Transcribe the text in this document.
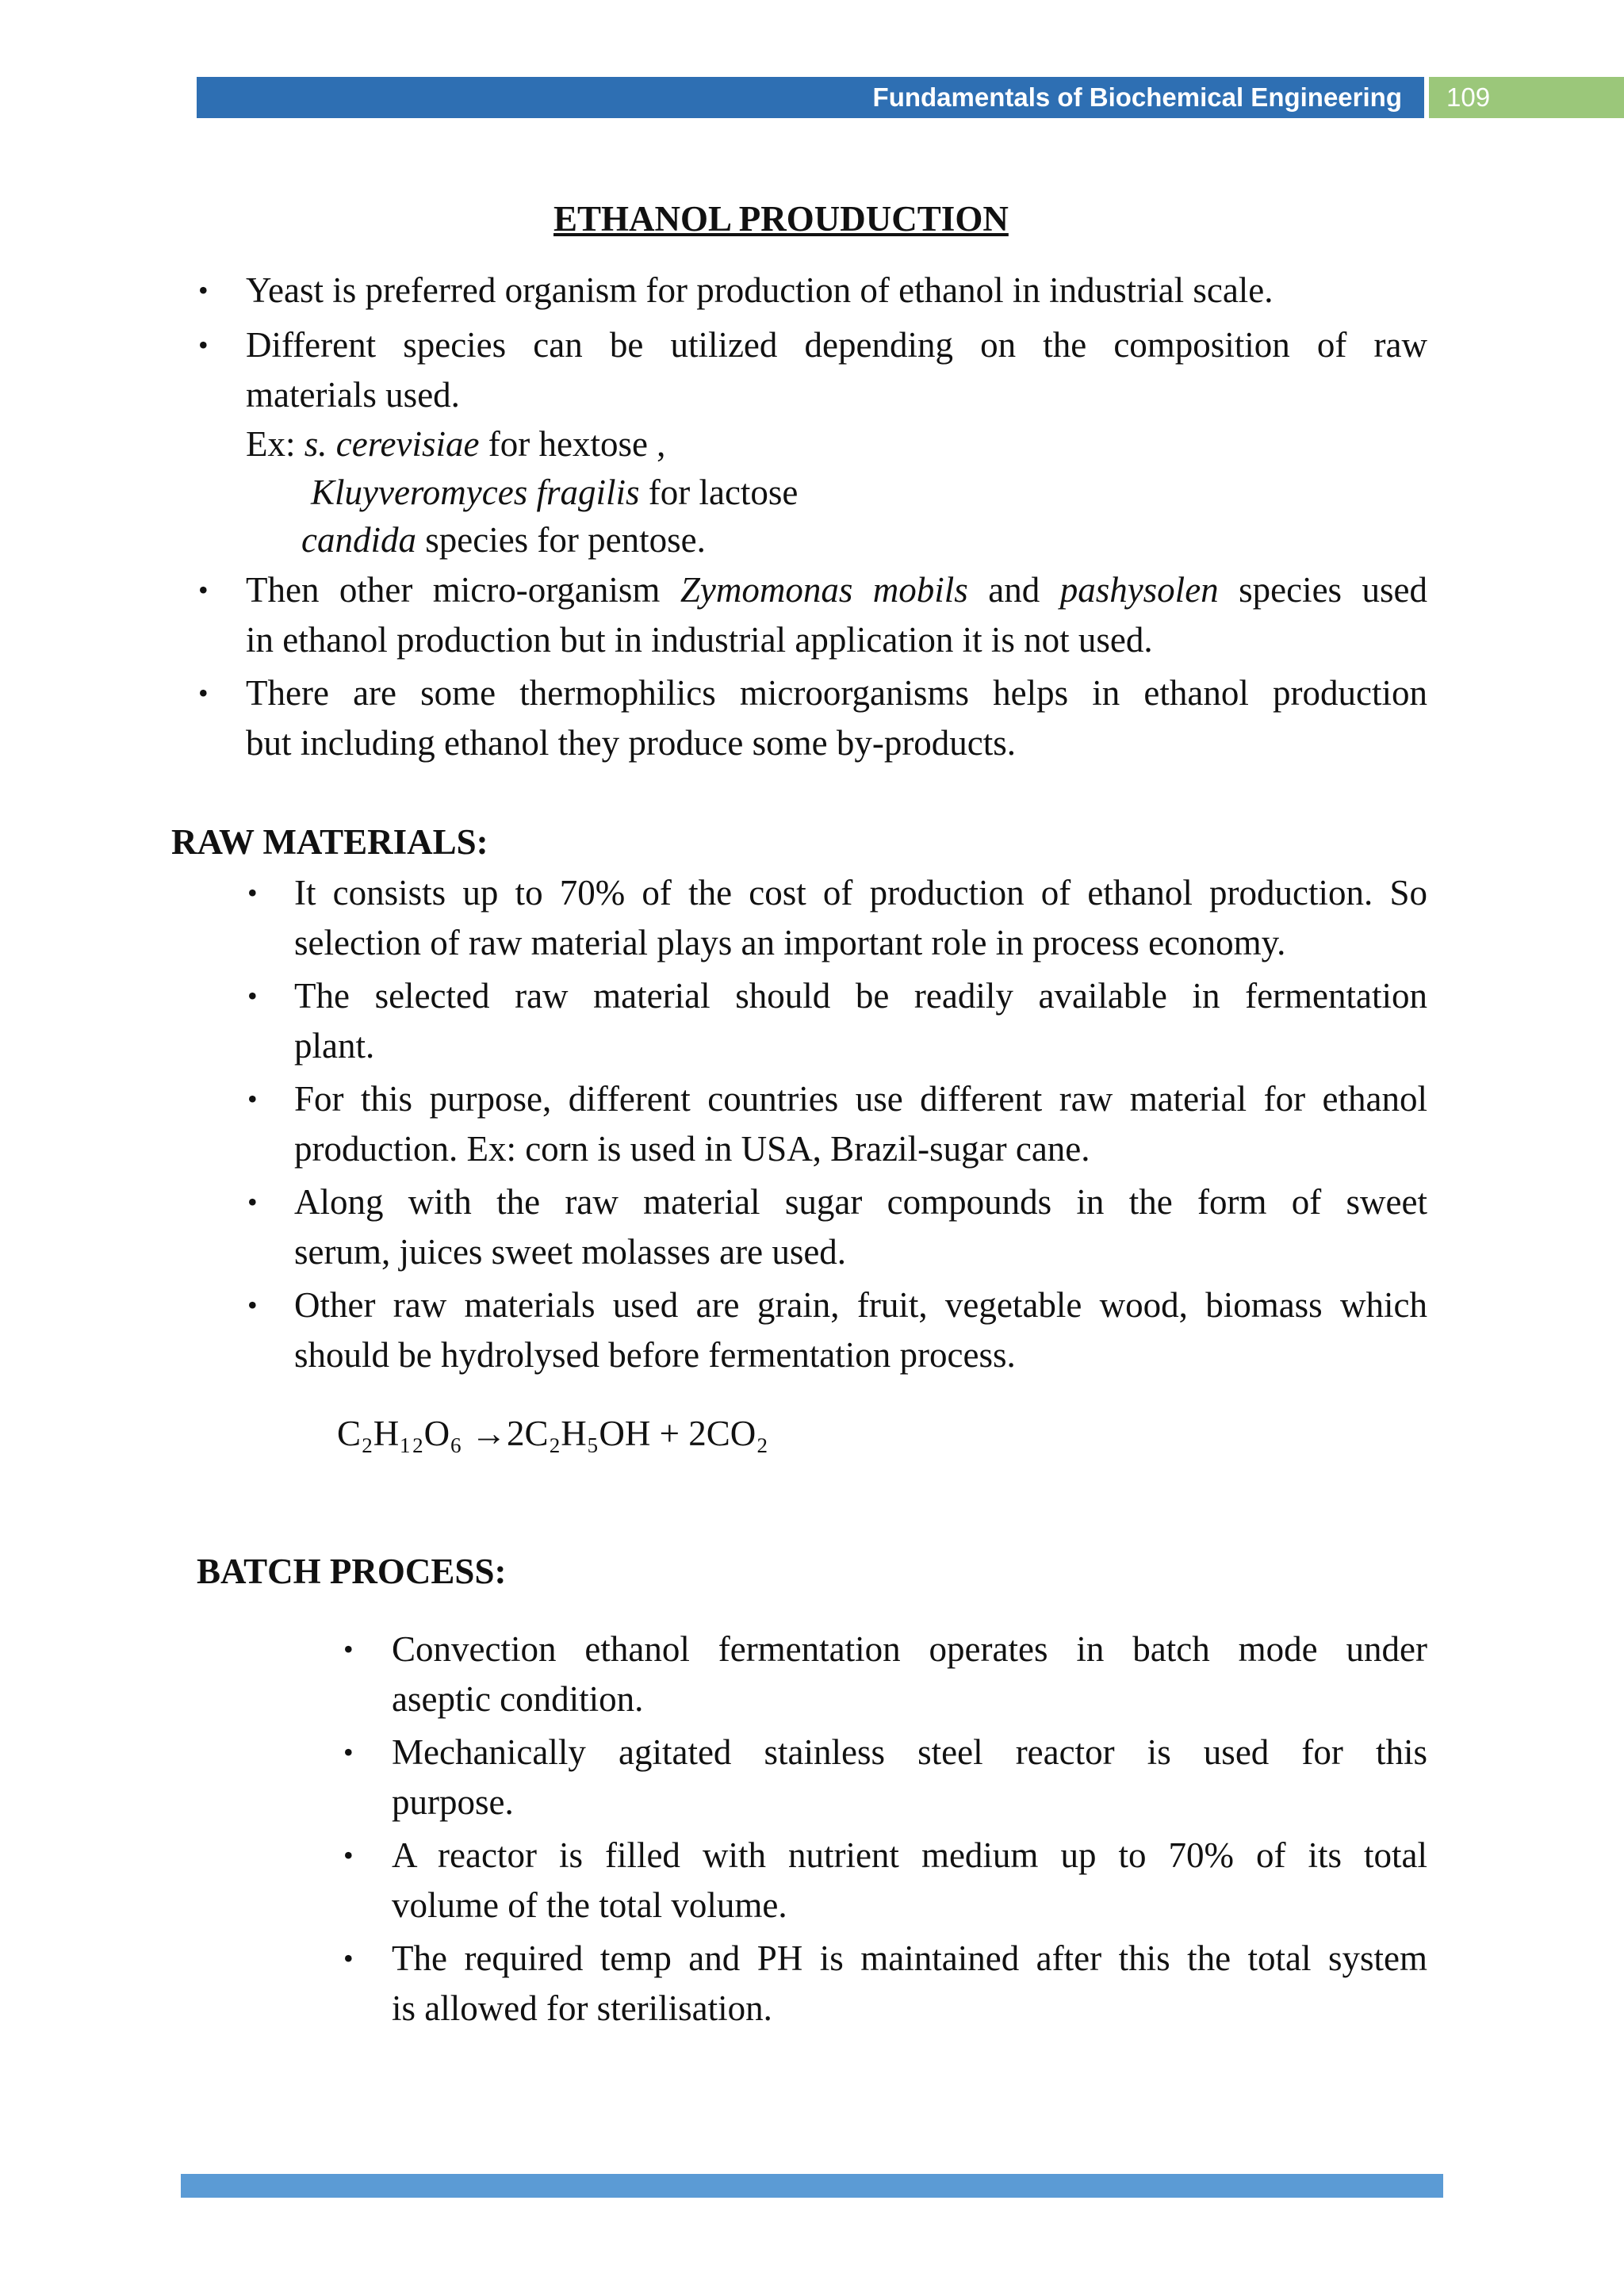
Fundamentals of Biochemical Engineering	109
ETHANOL PROUDUCTION
• Yeast is preferred organism for production of ethanol in industrial scale.
• Different species can be utilized depending on the composition of raw
materials used.
Ex: s. cerevisiae for hextose ,
Kluyveromyces fragilis for lactose
candida species for pentose.
• Then other micro-organism Zymomonas mobils and pashysolen species used
in ethanol production but in industrial application it is not used.
• There are some thermophilics microorganisms helps in ethanol production
but including ethanol they produce some by-products.
RAW MATERIALS:
• It consists up to 70% of the cost of production of ethanol production. So
selection of raw material plays an important role in process economy.
• The selected raw material should be readily available in fermentation
plant.
• For this purpose, different countries use different raw material for ethanol
production. Ex: corn is used in USA, Brazil-sugar cane.
• Along with the raw material sugar compounds in the form of sweet
serum, juices sweet molasses are used.
• Other raw materials used are grain, fruit, vegetable wood, biomass which
should be hydrolysed before fermentation process.
C₂H₁₂O₆ →2C₂H₅OH + 2CO₂
BATCH PROCESS:
• Convection ethanol fermentation operates in batch mode under
aseptic condition.
• Mechanically agitated stainless steel reactor is used for this
purpose.
• A reactor is filled with nutrient medium up to 70% of its total
volume of the total volume.
• The required temp and PH is maintained after this the total system
is allowed for sterilisation.
